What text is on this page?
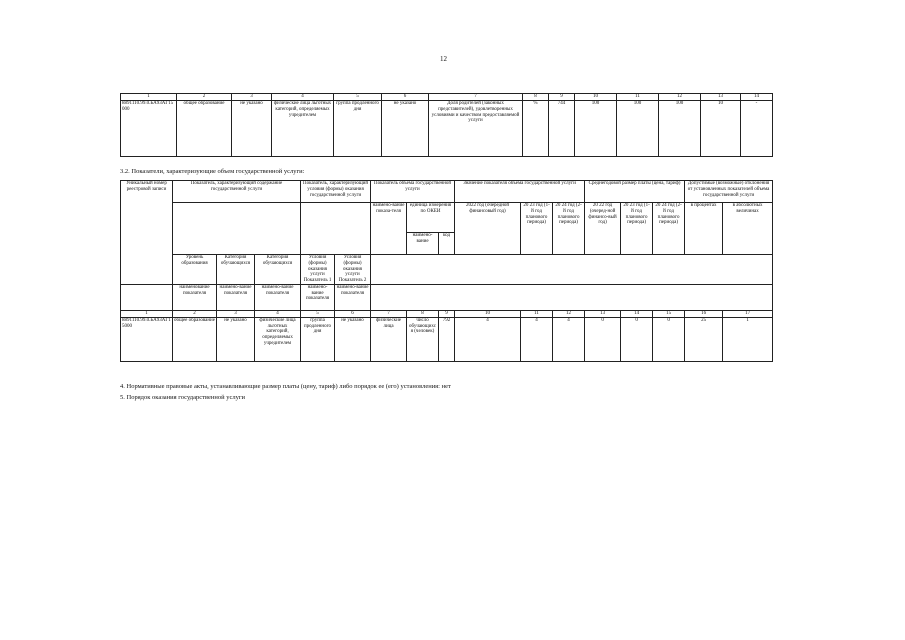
12
1	2	3	4	5	6	7	8	9	10	11	12	13	14
8891110.99.0.БА93АГ15000	общее образование	не указано	физические лица льготных категорий, определяемых учредителем	группа продленного дня	не указано	Доля родителей (законных представителей), удовлетворенных условиями и качеством предоставляемой услуги	%	744	100	100	100	10	-
3.2. Показатели, характеризующие объем государственной услуги:
Уникальный номер реестровой записи	Показатель, характеризующий содержание государственной услуги			Показатель, характеризующий условия (формы) оказания государственной услуги		Показатель объема государственной услуги			Значение показателя объема государственной услуги			Среднегодовой размер платы (цена, тариф)			Допустимые (возможные) отклонения от установленных показателей объема государственной услуги	
						наимено-вание показа-теля	единица измерения по ОКЕИ		2022 год (очередной финансовый год)	20 23 год (1-й год планового периода)	20 24 год (2-й год планового периода)	20 22 год (очеред-ной финансо-вый год)	20 23 год (1-й год планового периода)	20 24 год (2-й год планового периода)	в процентах	в абсолютных величинах
							наимено-вание	код								
	Уровень образования	Категория обучающихся	Категория обучающихся	Условия (формы) оказания услуги Показатель 1	Условия (формы) оказания услуги Показатель 2											
	наименование показателя	наимено-вание показателя	наимено-вание показателя	наимено-вание показателя	наимено-вание показателя											
1	2	3	4	5	6	7	8	9	10	11	12	13	14	15	16	17
8891110.99.0.БА93АГ15000	общее образование	не указано	физические лица льготных категорий, определяемых учредителем	группа продленного дня	не указано	физические лица	число обучающихся (человек)	792	4	4	4	0	0	0	25	1
4. Нормативные правовые акты, устанавливающие размер платы (цену, тариф) либо порядок ее (его) установления: нет
5. Порядок оказания государственной услуги
